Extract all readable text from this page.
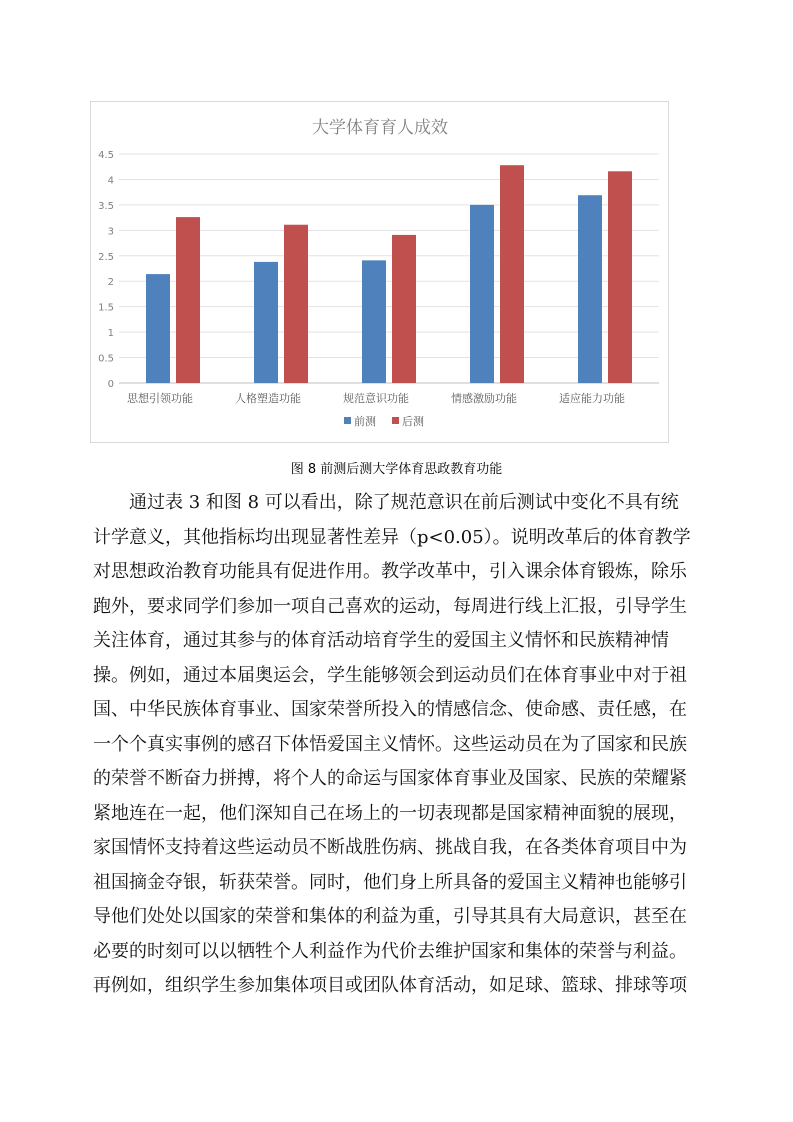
大学体育育人成效
0
0.5
1
1.5
2
2.5
3
3.5
4
4.5
思想引领功能	人格塑造功能	规范意识功能	情感激励功能	适应能力功能
前测 后测
图 8 前测后测大学体育思政教育功能

　　通过表 3 和图 8 可以看出，除了规范意识在前后测试中变化不具有统
计学意义，其他指标均出现显著性差异（p<0.05）。说明改革后的体育教学
对思想政治教育功能具有促进作用。教学改革中，引入课余体育锻炼，除乐
跑外，要求同学们参加一项自己喜欢的运动，每周进行线上汇报，引导学生
关注体育，通过其参与的体育活动培育学生的爱国主义情怀和民族精神情
操。例如，通过本届奥运会，学生能够领会到运动员们在体育事业中对于祖
国、中华民族体育事业、国家荣誉所投入的情感信念、使命感、责任感，在
一个个真实事例的感召下体悟爱国主义情怀。这些运动员在为了国家和民族
的荣誉不断奋力拼搏，将个人的命运与国家体育事业及国家、民族的荣耀紧
紧地连在一起，他们深知自己在场上的一切表现都是国家精神面貌的展现，
家国情怀支持着这些运动员不断战胜伤病、挑战自我，在各类体育项目中为
祖国摘金夺银，斩获荣誉。同时，他们身上所具备的爱国主义精神也能够引
导他们处处以国家的荣誉和集体的利益为重，引导其具有大局意识，甚至在
必要的时刻可以以牺牲个人利益作为代价去维护国家和集体的荣誉与利益。
再例如，组织学生参加集体项目或团队体育活动，如足球、篮球、排球等项
